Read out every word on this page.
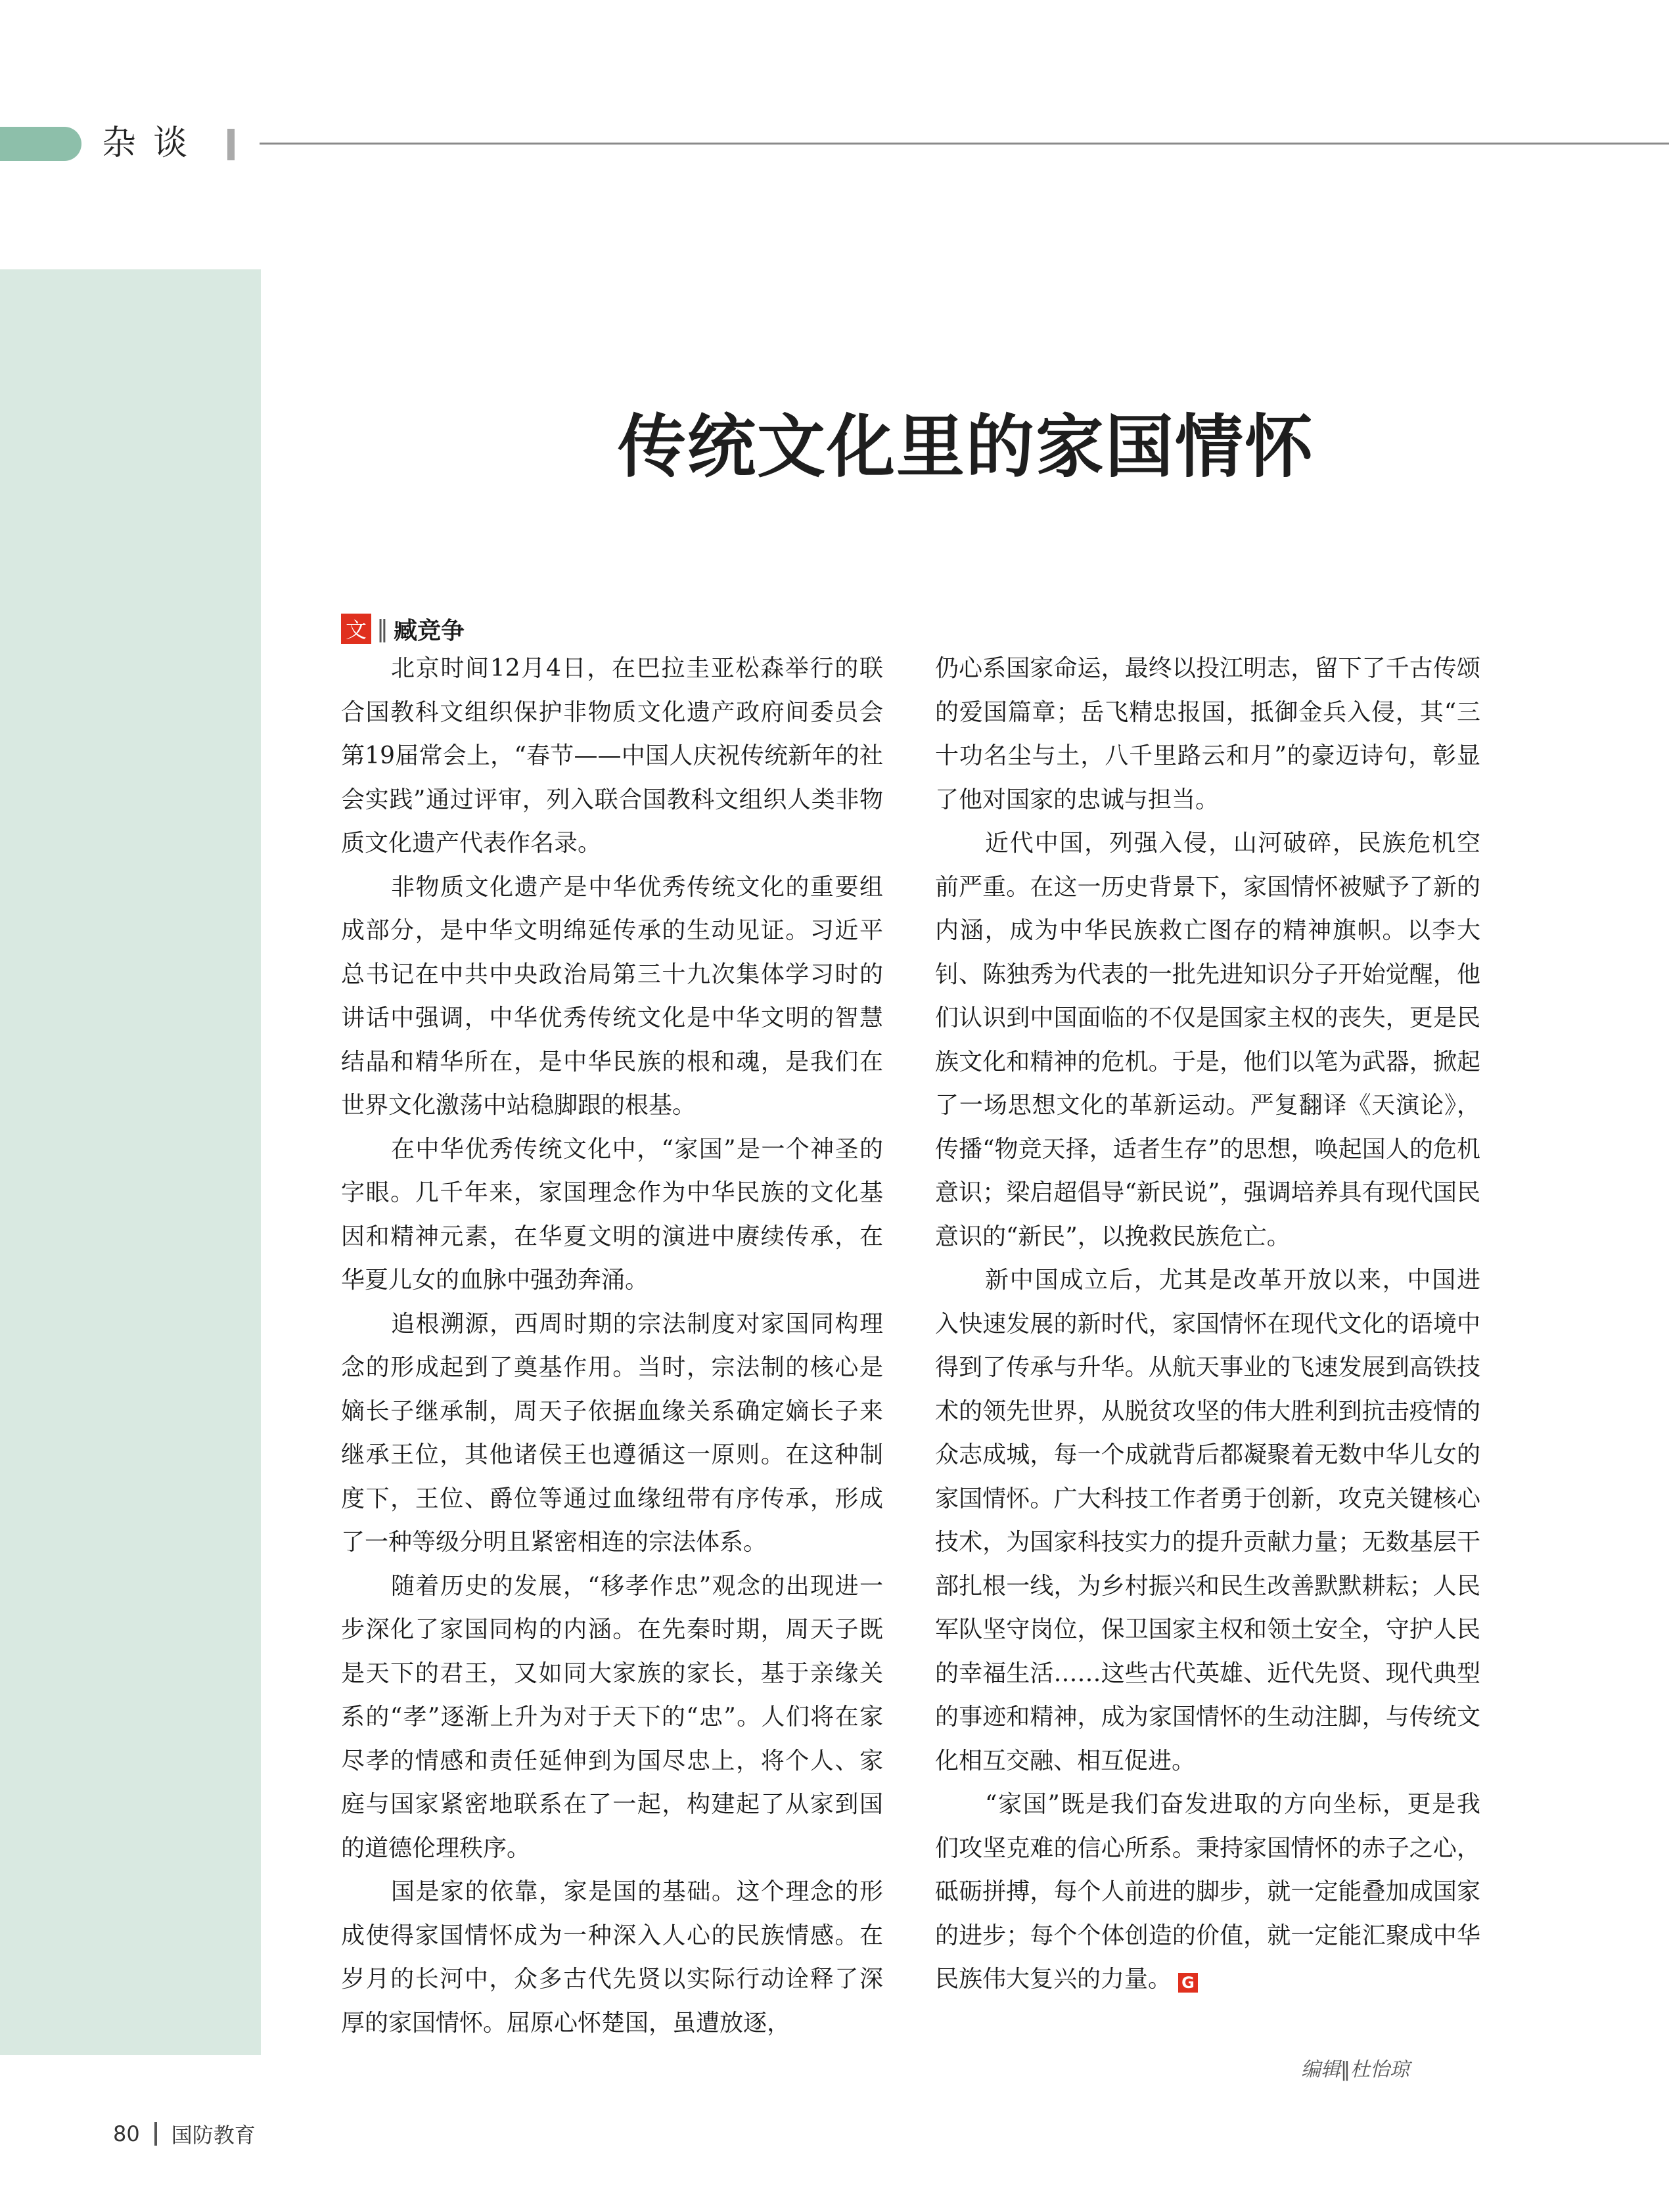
杂谈
传统文化里的家国情怀
文 ‖ 臧竞争

北京时间12月4日，在巴拉圭亚松森举行的联合国教科文组织保护非物质文化遗产政府间委员会第19届常会上，“春节——中国人庆祝传统新年的社会实践”通过评审，列入联合国教科文组织人类非物质文化遗产代表作名录。

非物质文化遗产是中华优秀传统文化的重要组成部分，是中华文明绵延传承的生动见证。习近平总书记在中共中央政治局第三十九次集体学习时的讲话中强调，中华优秀传统文化是中华文明的智慧结晶和精华所在，是中华民族的根和魂，是我们在世界文化激荡中站稳脚跟的根基。

在中华优秀传统文化中，“家国”是一个神圣的字眼。几千年来，家国理念作为中华民族的文化基因和精神元素，在华夏文明的演进中赓续传承，在华夏儿女的血脉中强劲奔涌。

追根溯源，西周时期的宗法制度对家国同构理念的形成起到了奠基作用。当时，宗法制的核心是嫡长子继承制，周天子依据血缘关系确定嫡长子来继承王位，其他诸侯王也遵循这一原则。在这种制度下，王位、爵位等通过血缘纽带有序传承，形成了一种等级分明且紧密相连的宗法体系。

随着历史的发展，“移孝作忠”观念的出现进一步深化了家国同构的内涵。在先秦时期，周天子既是天下的君王，又如同大家族的家长，基于亲缘关系的“孝”逐渐上升为对于天下的“忠”。人们将在家尽孝的情感和责任延伸到为国尽忠上，将个人、家庭与国家紧密地联系在了一起，构建起了从家到国的道德伦理秩序。

国是家的依靠，家是国的基础。这个理念的形成使得家国情怀成为一种深入人心的民族情感。在岁月的长河中，众多古代先贤以实际行动诠释了深厚的家国情怀。屈原心怀楚国，虽遭放逐，

仍心系国家命运，最终以投江明志，留下了千古传颂的爱国篇章；岳飞精忠报国，抵御金兵入侵，其“三十功名尘与土，八千里路云和月”的豪迈诗句，彰显了他对国家的忠诚与担当。

近代中国，列强入侵，山河破碎，民族危机空前严重。在这一历史背景下，家国情怀被赋予了新的内涵，成为中华民族救亡图存的精神旗帜。以李大钊、陈独秀为代表的一批先进知识分子开始觉醒，他们认识到中国面临的不仅是国家主权的丧失，更是民族文化和精神的危机。于是，他们以笔为武器，掀起了一场思想文化的革新运动。严复翻译《天演论》，传播“物竞天择，适者生存”的思想，唤起国人的危机意识；梁启超倡导“新民说”，强调培养具有现代国民意识的“新民”，以挽救民族危亡。

新中国成立后，尤其是改革开放以来，中国进入快速发展的新时代，家国情怀在现代文化的语境中得到了传承与升华。从航天事业的飞速发展到高铁技术的领先世界，从脱贫攻坚的伟大胜利到抗击疫情的众志成城，每一个成就背后都凝聚着无数中华儿女的家国情怀。广大科技工作者勇于创新，攻克关键核心技术，为国家科技实力的提升贡献力量；无数基层干部扎根一线，为乡村振兴和民生改善默默耕耘；人民军队坚守岗位，保卫国家主权和领土安全，守护人民的幸福生活……这些古代英雄、近代先贤、现代典型的事迹和精神，成为家国情怀的生动注脚，与传统文化相互交融、相互促进。

“家国”既是我们奋发进取的方向坐标，更是我们攻坚克难的信心所系。秉持家国情怀的赤子之心，砥砺拼搏，每个人前进的脚步，就一定能叠加成国家的进步；每个个体创造的价值，就一定能汇聚成中华民族伟大复兴的力量。 G

编辑‖杜怡琼
80 国防教育
